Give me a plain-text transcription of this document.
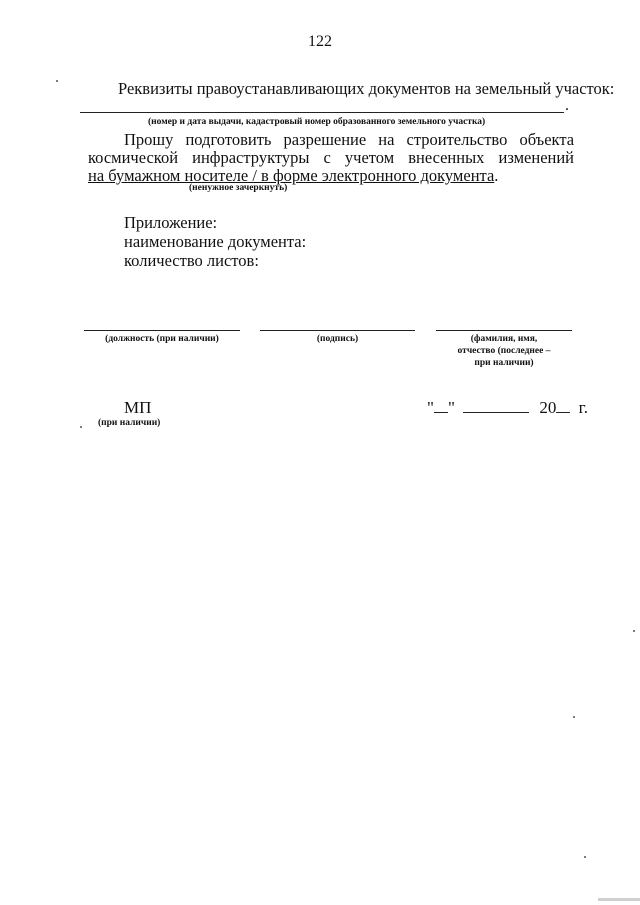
122
Реквизиты правоустанавливающих документов на земельный участок:
.
(номер и дата выдачи, кадастровый номер образованного земельного участка)
Прошу подготовить разрешение на строительство объекта
космической инфраструктуры с учетом внесенных изменений
на бумажном носителе / в форме электронного документа.
(ненужное зачеркнуть)
Приложение:
наименование документа:
количество листов:
(должность (при наличии)	(подпись)	(фамилия, имя,
отчество (последнее –
при наличии)
МП
(при наличии)
" "	20 г.
